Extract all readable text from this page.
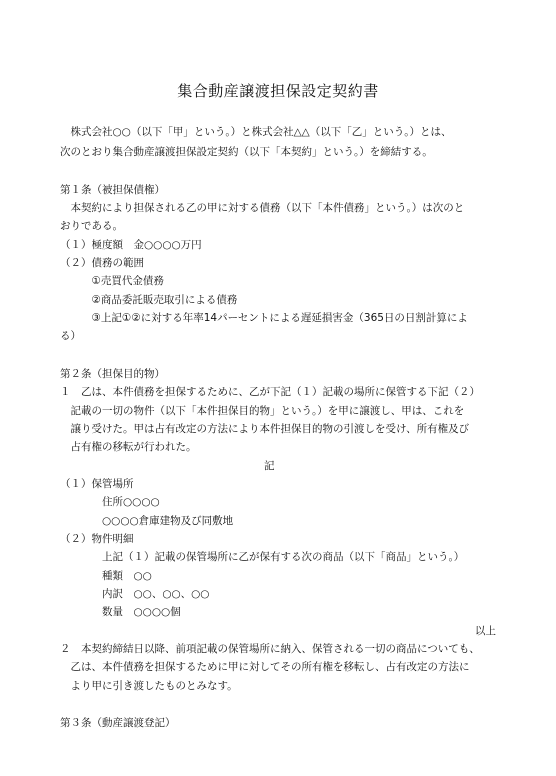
集合動産譲渡担保設定契約書
　株式会社○○（以下「甲」という。）と株式会社△△（以下「乙」という。）とは、
次のとおり集合動産譲渡担保設定契約（以下「本契約」という。）を締結する。
第１条（被担保債権）
　本契約により担保される乙の甲に対する債務（以下「本件債務」という。）は次のと
おりである。
（１）極度額　金○○○○万円
（２）債務の範囲
　　　①売買代金債務
　　　②商品委託販売取引による債務
　　　③上記①②に対する年率14パーセントによる遅延損害金（365日の日割計算によ
る）
第２条（担保目的物）
１　乙は、本件債務を担保するために、乙が下記（１）記載の場所に保管する下記（２）
　記載の一切の物件（以下「本件担保目的物」という。）を甲に譲渡し、甲は、これを
　譲り受けた。甲は占有改定の方法により本件担保目的物の引渡しを受け、所有権及び
　占有権の移転が行われた。
記
（１）保管場所
住所○○○○
○○○○倉庫建物及び同敷地
（２）物件明細
上記（１）記載の保管場所に乙が保有する次の商品（以下「商品」という。）
種類　○○
内訳　○○、○○、○○
数量　○○○○個
以上
２　本契約締結日以降、前項記載の保管場所に納入、保管される一切の商品についても、
　乙は、本件債務を担保するために甲に対してその所有権を移転し、占有改定の方法に
　より甲に引き渡したものとみなす。
第３条（動産譲渡登記）
